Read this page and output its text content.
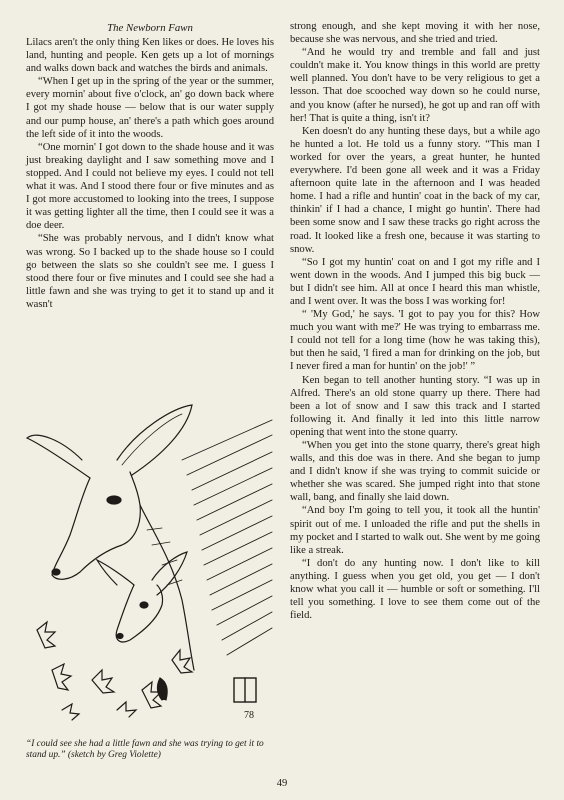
The Newborn Fawn

Lilacs aren't the only thing Ken likes or does. He loves his land, hunting and people. Ken gets up a lot of mornings and walks down back and watches the birds and animals.

“When I get up in the spring of the year or the summer, every mornin' about five o'clock, an' go down back where I got my shade house — below that is our water supply and our pump house, an' there's a path which goes around the left side of it into the woods.

“One mornin' I got down to the shade house and it was just breaking daylight and I saw something move and I stopped. And I could not believe my eyes. I could not tell what it was. And I stood there four or five minutes and as I got more accustomed to looking into the trees, I suppose it was getting lighter all the time, then I could see it was a doe deer.

“She was probably nervous, and I didn't know what was wrong. So I backed up to the shade house so I could go between the slats so she couldn't see me. I guess I stood there four or five minutes and I could see she had a little fawn and she was trying to get it to stand up and it wasn't

78
“I could see she had a little fawn and she was trying to get it to stand up.” (sketch by Greg Violette)

strong enough, and she kept moving it with her nose, because she was nervous, and she tried and tried.

“And he would try and tremble and fall and just couldn't make it. You know things in this world are pretty well planned. You don't have to be very religious to get a lesson. That doe scooched way down so he could nurse, and you know (after he nursed), he got up and ran off with her! That is quite a thing, isn't it?

Ken doesn't do any hunting these days, but a while ago he hunted a lot. He told us a funny story. “This man I worked for over the years, a great hunter, he hunted everywhere. I'd been gone all week and it was a Friday afternoon quite late in the afternoon and I was headed home. I had a rifle and huntin' coat in the back of my car, thinkin' if I had a chance, I might go huntin'. There had been some snow and I saw these tracks go right across the road. It looked like a fresh one, because it was starting to snow.

“So I got my huntin' coat on and I got my rifle and I went down in the woods. And I jumped this big buck — but I didn't see him. All at once I heard this man whistle, and I went over. It was the boss I was working for!

“ 'My God,' he says. 'I got to pay you for this? How much you want with me?' He was trying to embarrass me. I could not tell for a long time (how he was taking this), but then he said, 'I fired a man for drinking on the job, but I never fired a man for huntin' on the job!' ”

Ken began to tell another hunting story. “I was up in Alfred. There's an old stone quarry up there. There had been a lot of snow and I saw this track and I started following it. And finally it led into this little narrow opening that went into the stone quarry.

“When you get into the stone quarry, there's great high walls, and this doe was in there. And she began to jump and I didn't know if she was trying to commit suicide or whether she was scared. She jumped right into that stone wall, bang, and finally she laid down.

“And boy I'm going to tell you, it took all the huntin' spirit out of me. I unloaded the rifle and put the shells in my pocket and I started to walk out. She went by me going like a streak.

“I don't do any hunting now. I don't like to kill anything. I guess when you get old, you get — I don't know what you call it — humble or soft or something. I'll tell you something. I love to see them come out of the field.

49
